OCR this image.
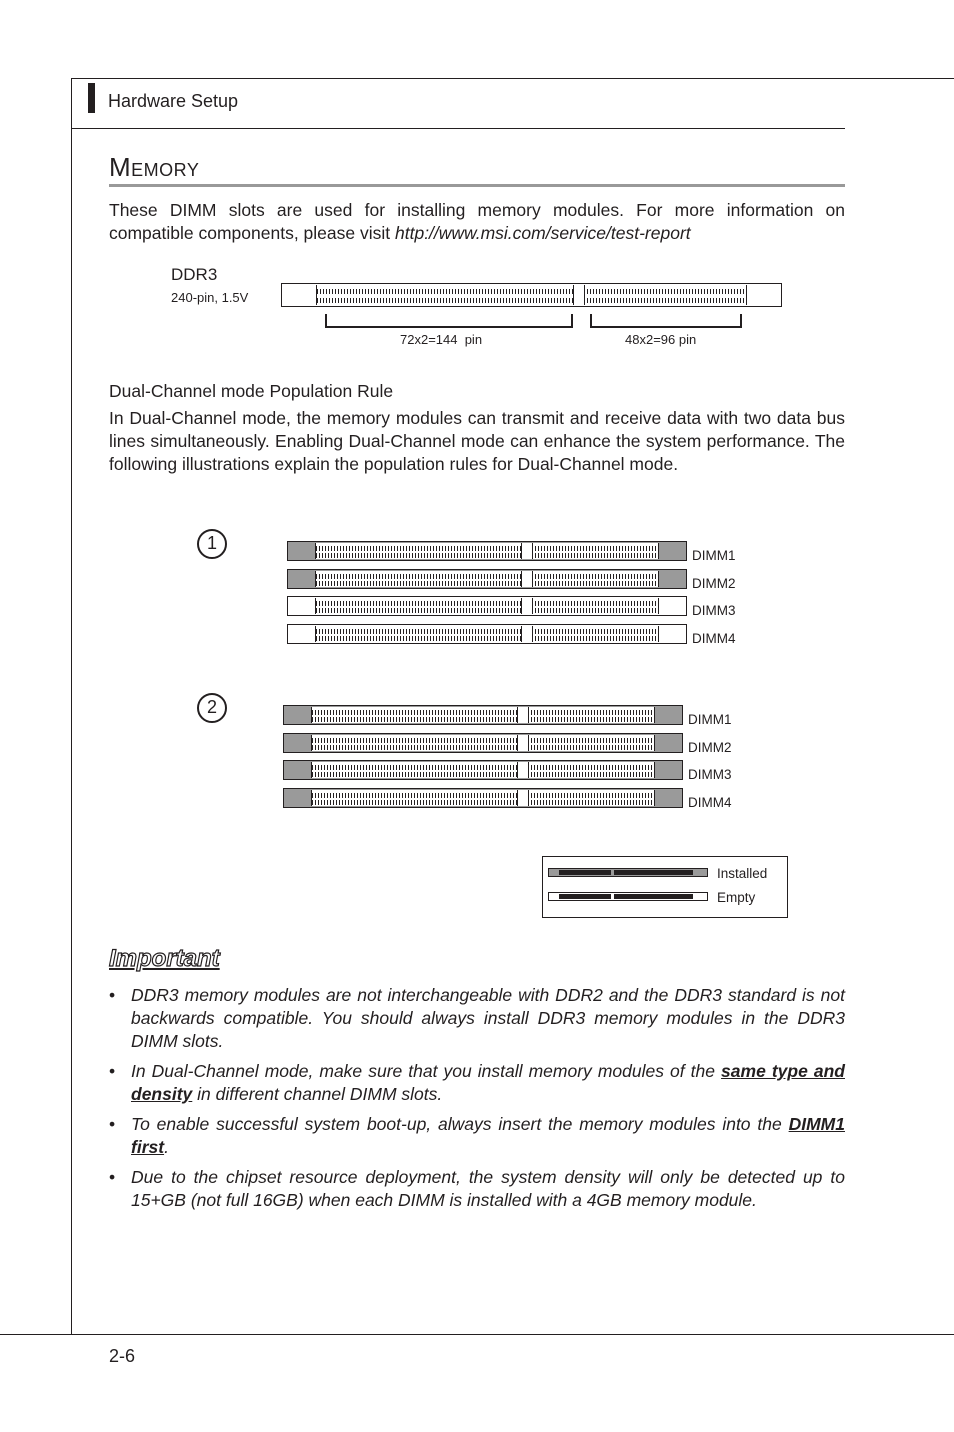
Hardware Setup
Memory
These DIMM slots are used for installing memory modules. For more information on compatible components, please visit http://www.msi.com/service/test-report
DDR3
240-pin, 1.5V
72x2=144  pin	48x2=96 pin
Dual-Channel mode Population Rule
In Dual-Channel mode, the memory modules can transmit and receive data with two data bus lines simultaneously. Enabling Dual-Channel mode can enhance the system performance. The following illustrations explain the population rules for Dual-Channel mode.
1
DIMM1
DIMM2
DIMM3
DIMM4
2
DIMM1
DIMM2
DIMM3
DIMM4
Installed
Empty
Important
• DDR3 memory modules are not interchangeable with DDR2 and the DDR3 standard is not backwards compatible. You should always install DDR3 memory modules in the DDR3 DIMM slots.
• In Dual-Channel mode, make sure that you install memory modules of the same type and density in different channel DIMM slots.
• To enable successful system boot-up, always insert the memory modules into the DIMM1 first.
• Due to the chipset resource deployment, the system density will only be detected up to 15+GB (not full 16GB) when each DIMM is installed with a 4GB memory module.
2-6
